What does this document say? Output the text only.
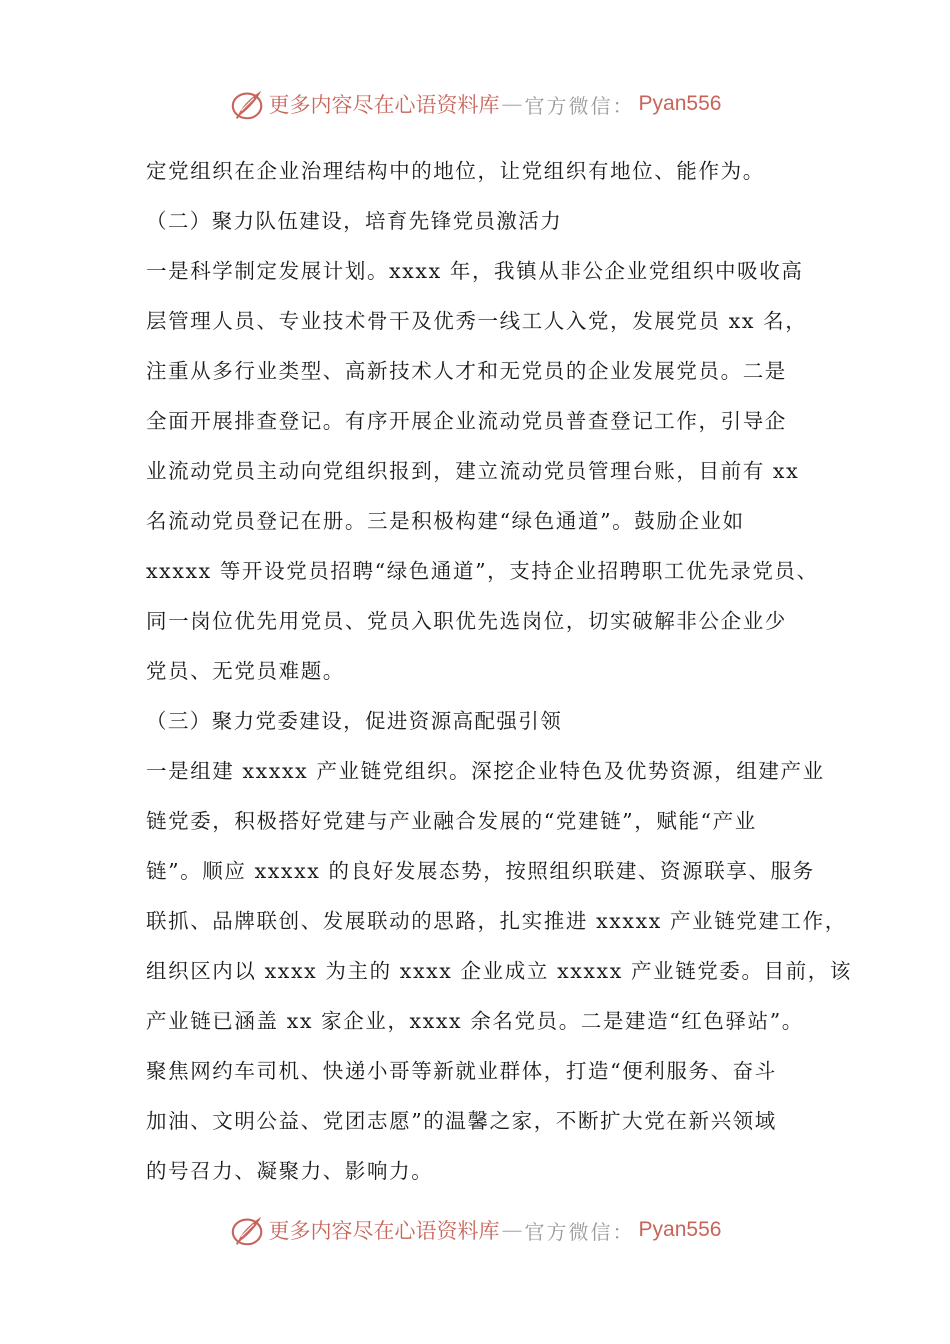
更多内容尽在心语资料库 — 官方微信： Pyan556
定党组织在企业治理结构中的地位，让党组织有地位、能作为。
（二）聚力队伍建设，培育先锋党员激活力
一是科学制定发展计划。xxxx 年，我镇从非公企业党组织中吸收高
层管理人员、专业技术骨干及优秀一线工人入党，发展党员 xx 名，
注重从多行业类型、高新技术人才和无党员的企业发展党员。二是
全面开展排查登记。有序开展企业流动党员普查登记工作，引导企
业流动党员主动向党组织报到，建立流动党员管理台账，目前有 xx
名流动党员登记在册。三是积极构建“绿色通道”。鼓励企业如
xxxxx 等开设党员招聘“绿色通道”，支持企业招聘职工优先录党员、
同一岗位优先用党员、党员入职优先选岗位，切实破解非公企业少
党员、无党员难题。
（三）聚力党委建设，促进资源高配强引领
一是组建 xxxxx 产业链党组织。深挖企业特色及优势资源，组建产业
链党委，积极搭好党建与产业融合发展的“党建链”，赋能“产业
链”。顺应 xxxxx 的良好发展态势，按照组织联建、资源联享、服务
联抓、品牌联创、发展联动的思路，扎实推进 xxxxx 产业链党建工作，
组织区内以 xxxx 为主的 xxxx 企业成立 xxxxx 产业链党委。目前，该
产业链已涵盖 xx 家企业，xxxx 余名党员。二是建造“红色驿站”。
聚焦网约车司机、快递小哥等新就业群体，打造“便利服务、奋斗
加油、文明公益、党团志愿”的温馨之家，不断扩大党在新兴领域
的号召力、凝聚力、影响力。
更多内容尽在心语资料库 — 官方微信： Pyan556
